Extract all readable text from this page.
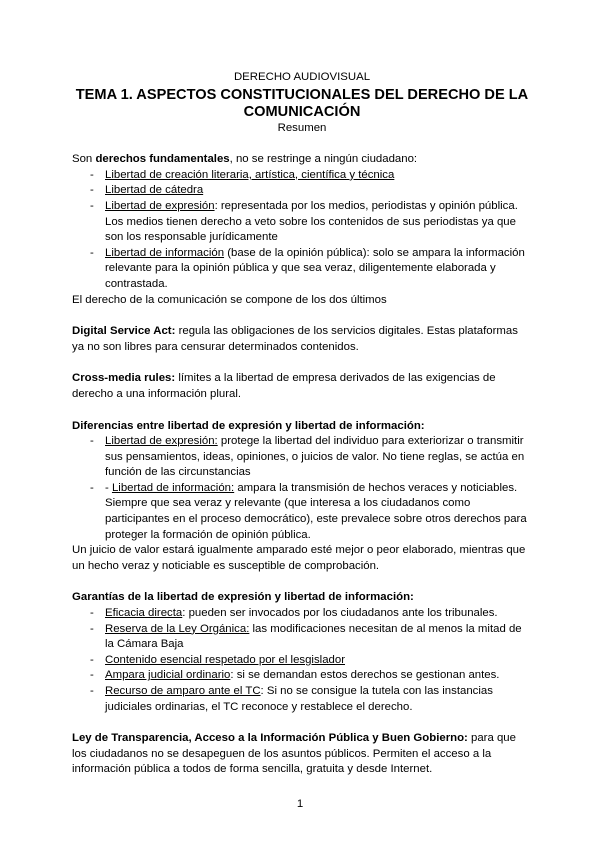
DERECHO AUDIOVISUAL
TEMA 1. ASPECTOS CONSTITUCIONALES DEL DERECHO DE LA COMUNICACIÓN
Resumen

Son derechos fundamentales, no se restringe a ningún ciudadano:

- Libertad de creación literaria, artística, científica y técnica
- Libertad de cátedra
- Libertad de expresión: representada por los medios, periodistas y opinión pública. Los medios tienen derecho a veto sobre los contenidos de sus periodistas ya que son los responsable jurídicamente
- Libertad de información (base de la opinión pública): solo se ampara la información relevante para la opinión pública y que sea veraz, diligentemente elaborada y contrastada.

El derecho de la comunicación se compone de los dos últimos

Digital Service Act: regula las obligaciones de los servicios digitales. Estas plataformas ya no son libres para censurar determinados contenidos.

Cross-media rules: límites a la libertad de empresa derivados de las exigencias de derecho a una información plural.

Diferencias entre libertad de expresión y libertad de información:

- Libertad de expresión: protege la libertad del individuo para exteriorizar o transmitir sus pensamientos, ideas, opiniones, o juicios de valor. No tiene reglas, se actúa en función de las circunstancias
- - Libertad de información: ampara la transmisión de hechos veraces y noticiables. Siempre que sea veraz y relevante (que interesa a los ciudadanos como participantes en el proceso democrático), este prevalece sobre otros derechos para proteger la formación de opinión pública.

Un juicio de valor estará igualmente amparado esté mejor o peor elaborado, mientras que un hecho veraz y noticiable es susceptible de comprobación.

Garantías de la libertad de expresión y libertad de información:

- Eficacia directa: pueden ser invocados por los ciudadanos ante los tribunales.
- Reserva de la Ley Orgánica: las modificaciones necesitan de al menos la mitad de la Cámara Baja
- Contenido esencial respetado por el lesgislador
- Ampara judicial ordinario: si se demandan estos derechos se gestionan antes.
- Recurso de amparo ante el TC: Si no se consigue la tutela con las instancias judiciales ordinarias, el TC reconoce y restablece el derecho.

Ley de Transparencia, Acceso a la Información Pública y Buen Gobierno: para que los ciudadanos no se desapeguen de los asuntos públicos. Permiten el acceso a la información pública a todos de forma sencilla, gratuita y desde Internet.

1
